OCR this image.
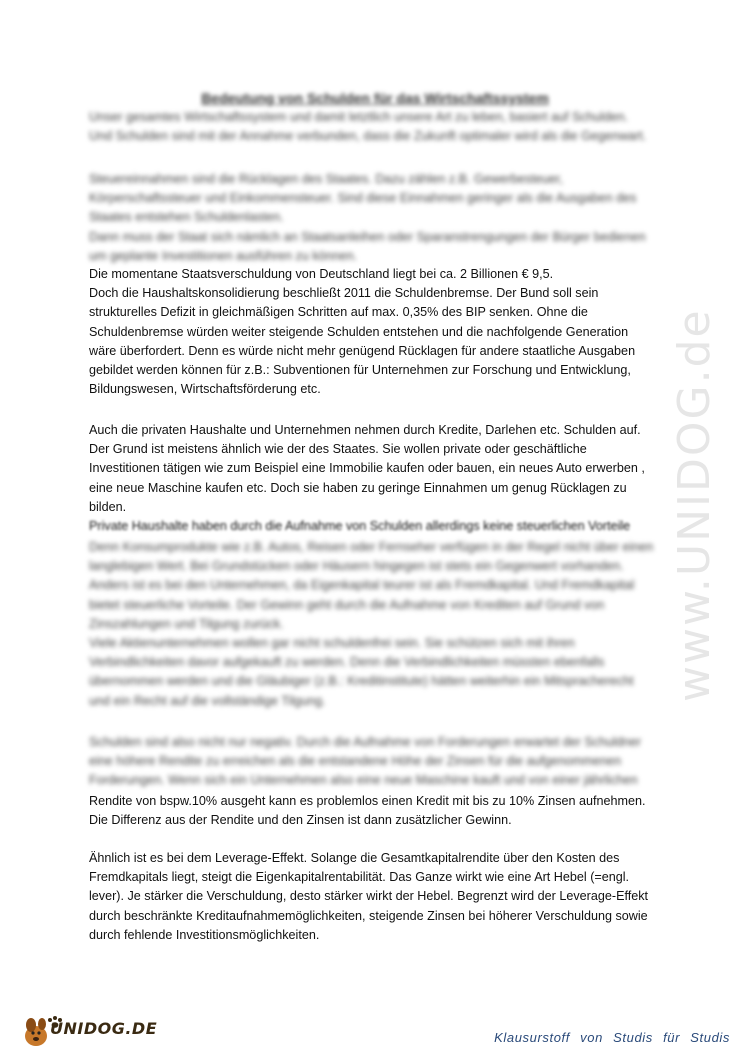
www.UNIDOG.de
Bedeutung von Schulden für das Wirtschaftssystem
Unser gesamtes Wirtschaftssystem und damit letztlich unsere Art zu leben, basiert auf Schulden.
Und Schulden sind mit der Annahme verbunden, dass die Zukunft optimaler wird als die Gegenwart.
Steuereinnahmen sind die Rücklagen des Staates. Dazu zählen z.B. Gewerbesteuer,
Körperschaftssteuer und Einkommensteuer. Sind diese Einnahmen geringer als die Ausgaben des
Staates entstehen Schuldenlasten.
Dann muss der Staat sich nämlich an Staatsanleihen oder Sparanstrengungen der Bürger bedienen
um geplante Investitionen ausführen zu können.
Die momentane Staatsverschuldung von Deutschland liegt bei ca. 2 Billionen € 9,5.
Doch die Haushaltskonsolidierung beschließt 2011 die Schuldenbremse. Der Bund soll sein
strukturelles Defizit in gleichmäßigen Schritten auf max. 0,35% des BIP senken. Ohne die
Schuldenbremse würden weiter steigende Schulden entstehen und die nachfolgende Generation
wäre überfordert. Denn es würde nicht mehr genügend Rücklagen für andere staatliche Ausgaben
gebildet werden können für z.B.: Subventionen für Unternehmen zur Forschung und Entwicklung,
Bildungswesen, Wirtschaftsförderung etc.
Auch die privaten Haushalte und Unternehmen nehmen durch Kredite, Darlehen etc. Schulden auf.
Der Grund ist meistens ähnlich wie der des Staates. Sie wollen private oder geschäftliche
Investitionen tätigen wie zum Beispiel eine Immobilie kaufen oder bauen, ein neues Auto erwerben ,
eine neue Maschine kaufen etc. Doch sie haben zu geringe Einnahmen um genug Rücklagen zu
bilden.
Private Haushalte haben durch die Aufnahme von Schulden allerdings keine steuerlichen Vorteile
Denn Konsumprodukte wie z.B. Autos, Reisen oder Fernseher verfügen in der Regel nicht über einen
langlebigen Wert. Bei Grundstücken oder Häusern hingegen ist stets ein Gegenwert vorhanden.
Anders ist es bei den Unternehmen, da Eigenkapital teurer ist als Fremdkapital. Und Fremdkapital
bietet steuerliche Vorteile. Der Gewinn geht durch die Aufnahme von Krediten auf Grund von
Zinszahlungen und Tilgung zurück.
Viele Aktienunternehmen wollen gar nicht schuldenfrei sein. Sie schützen sich mit ihren
Verbindlichkeiten davor aufgekauft zu werden. Denn die Verbindlichkeiten müssten ebenfalls
übernommen werden und die Gläubiger (z.B.: Kreditinstitute) hätten weiterhin ein Mitspracherecht
und ein Recht auf die vollständige Tilgung.
Schulden sind also nicht nur negativ. Durch die Aufnahme von Forderungen erwartet der Schuldner
eine höhere Rendite zu erreichen als die entstandene Höhe der Zinsen für die aufgenommenen
Forderungen. Wenn sich ein Unternehmen also eine neue Maschine kauft und von einer jährlichen
Rendite von bspw.10% ausgeht kann es problemlos einen Kredit mit bis zu 10% Zinsen aufnehmen.
Die Differenz aus der Rendite und den Zinsen ist dann zusätzlicher Gewinn.
Ähnlich ist es bei dem Leverage-Effekt. Solange die Gesamtkapitalrendite über den Kosten des
Fremdkapitals liegt, steigt die Eigenkapitalrentabilität. Das Ganze wirkt wie eine Art Hebel (=engl.
lever). Je stärker die Verschuldung, desto stärker wirkt der Hebel. Begrenzt wird der Leverage-Effekt
durch beschränkte Kreditaufnahmemöglichkeiten, steigende Zinsen bei höherer Verschuldung sowie
durch fehlende Investitionsmöglichkeiten.
UNIDOG.DE	Klausurstoff von Studis für Studis
